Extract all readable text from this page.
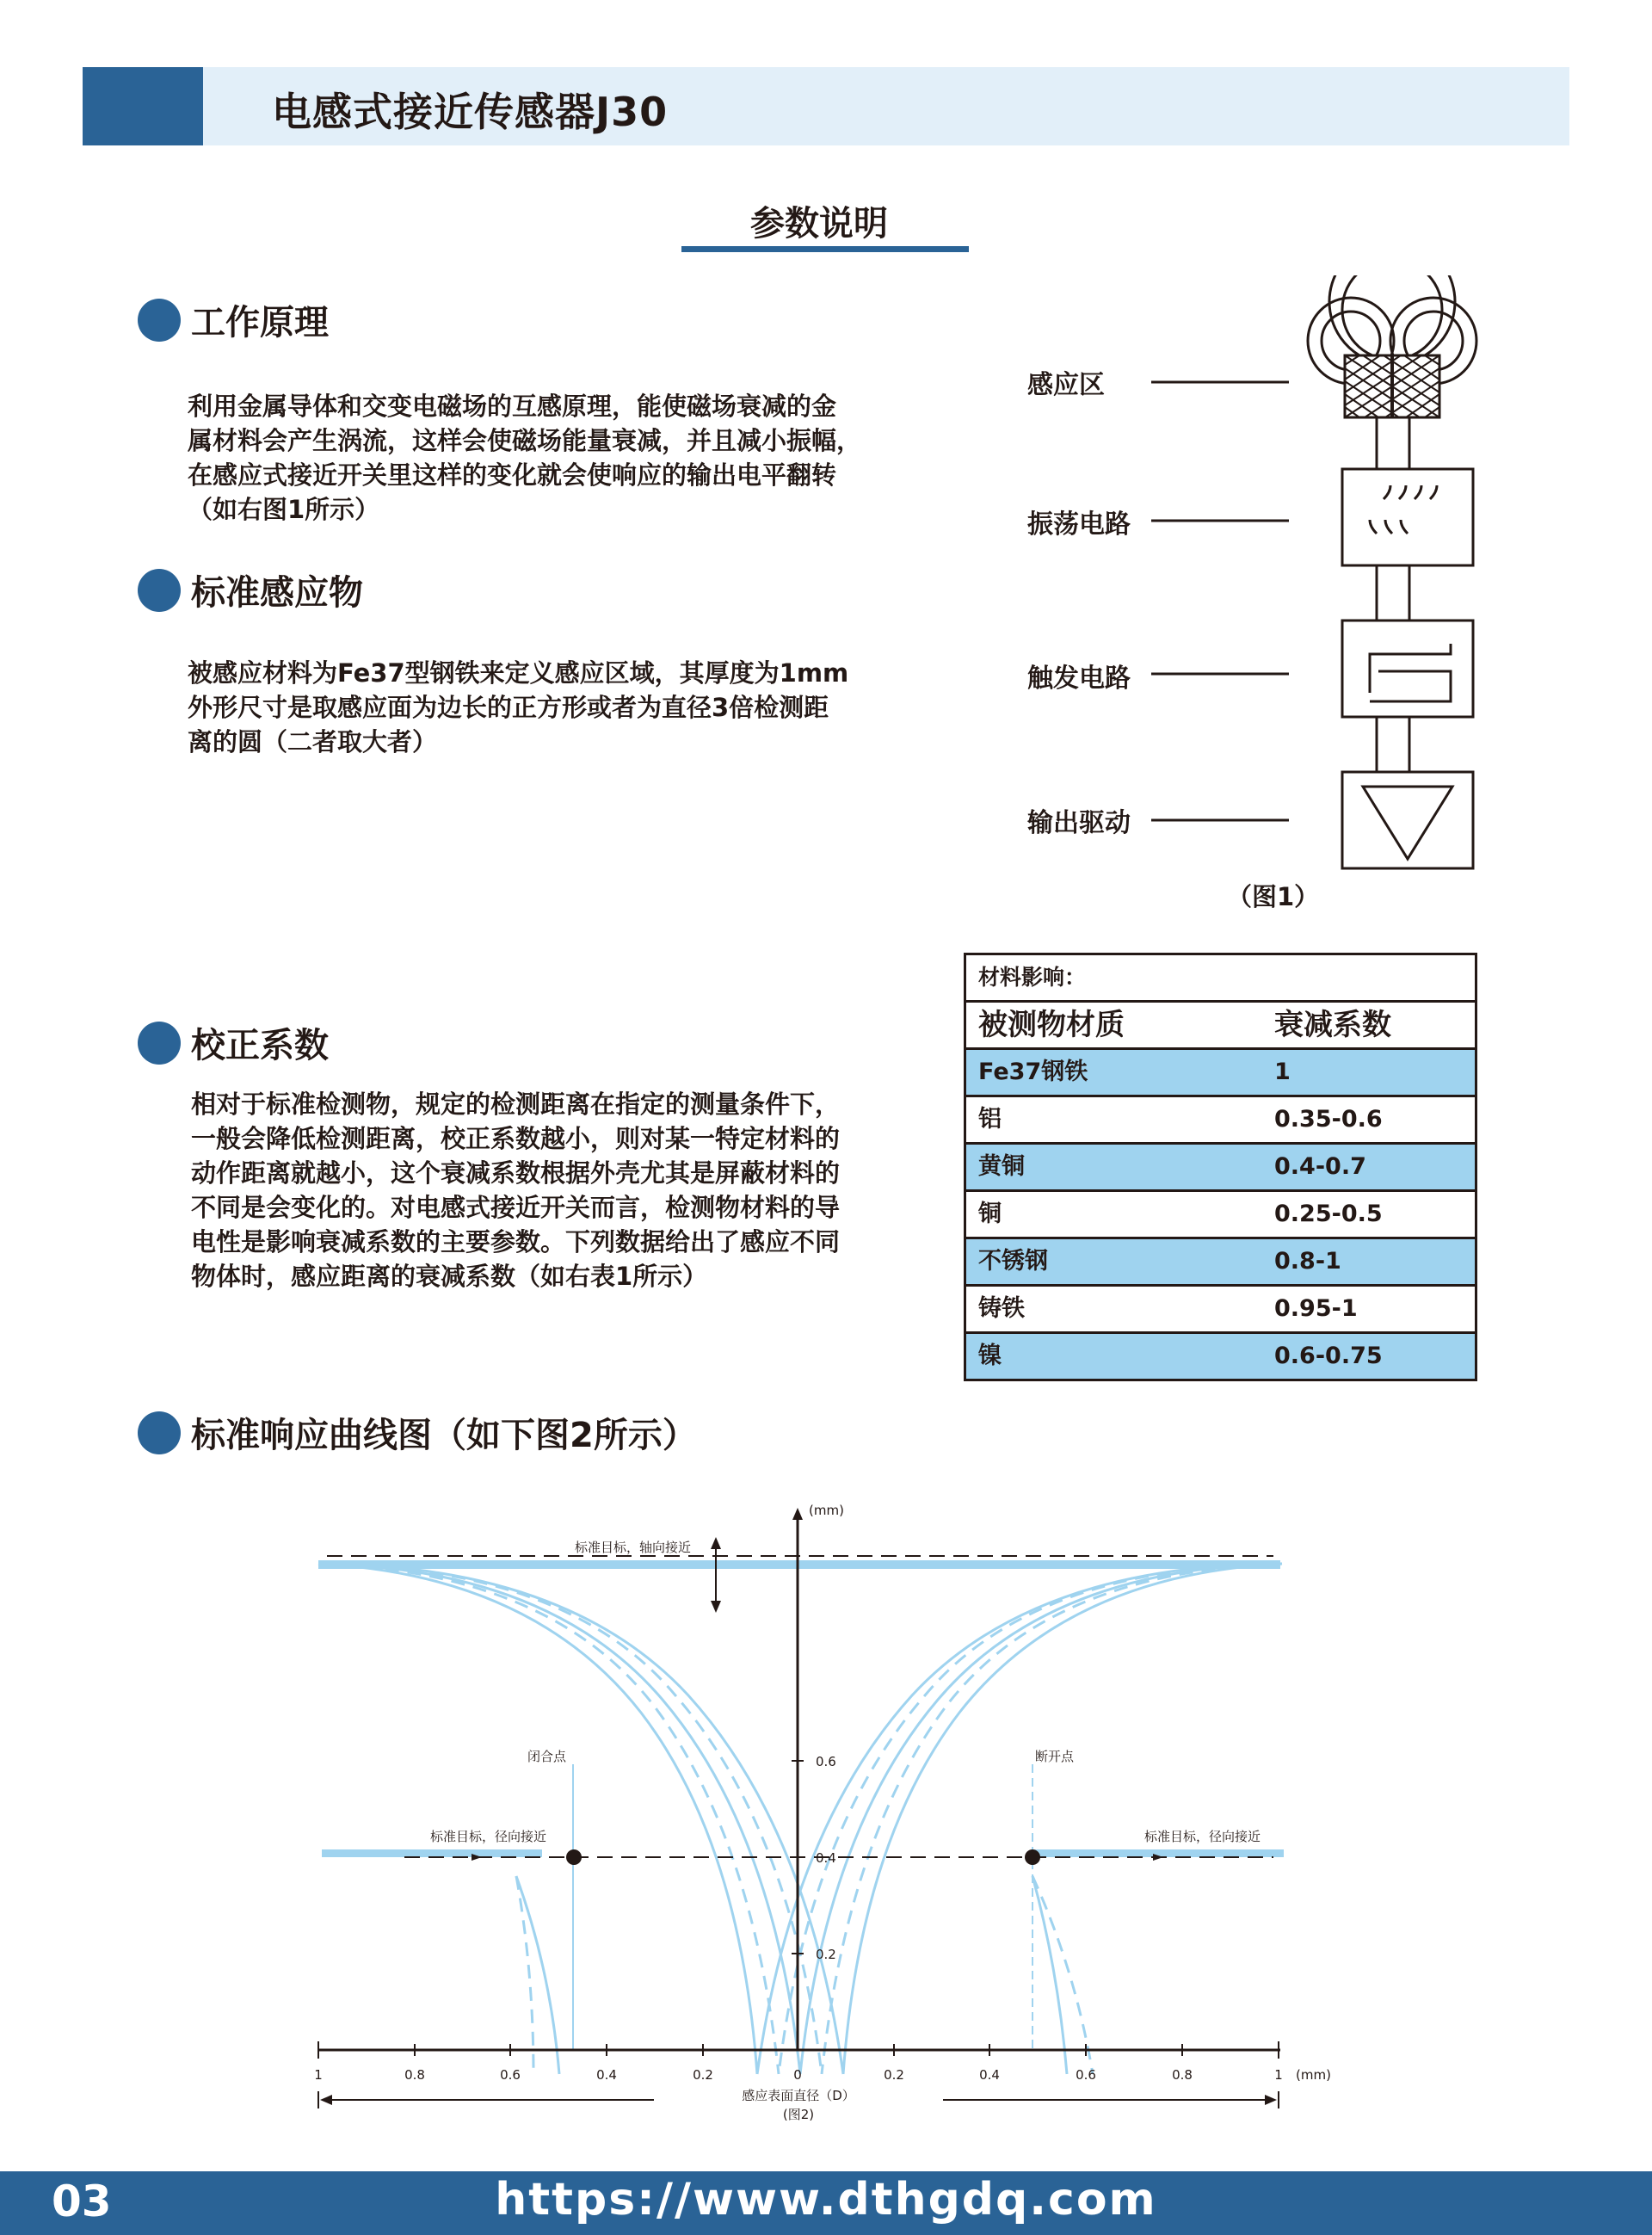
电感式接近传感器J30
参数说明
工作原理
利用金属导体和交变电磁场的互感原理，能使磁场衰减的金
属材料会产生涡流，这样会使磁场能量衰减，并且减小振幅，
在感应式接近开关里这样的变化就会使响应的输出电平翻转
（如右图1所示）
标准感应物
被感应材料为Fe37型钢铁来定义感应区域，其厚度为1mm
外形尺寸是取感应面为边长的正方形或者为直径3倍检测距
离的圆（二者取大者）
感应区
振荡电路
触发电路
输出驱动
（图1）
校正系数
相对于标准检测物，规定的检测距离在指定的测量条件下，
一般会降低检测距离，校正系数越小，则对某一特定材料的
动作距离就越小，这个衰减系数根据外壳尤其是屏蔽材料的
不同是会变化的。对电感式接近开关而言，检测物材料的导
电性是影响衰减系数的主要参数。下列数据给出了感应不同
物体时，感应距离的衰减系数（如右表1所示）
材料影响：
被测物材质	衰减系数
Fe37钢铁	1
铝	0.35-0.6
黄铜	0.4-0.7
铜	0.25-0.5
不锈钢	0.8-1
铸铁	0.95-1
镍	0.6-0.75
标准响应曲线图（如下图2所示）
(mm)
0.6
0.4
0.2
1	0.8	0.6	0.4	0.2	0	0.2	0.4	0.6	0.8	1 (mm)
感应表面直径（D）
(图2)
标准目标，轴向接近
标准目标，径向接近	标准目标，径向接近
闭合点	断开点
03	https://www.dthgdq.com
